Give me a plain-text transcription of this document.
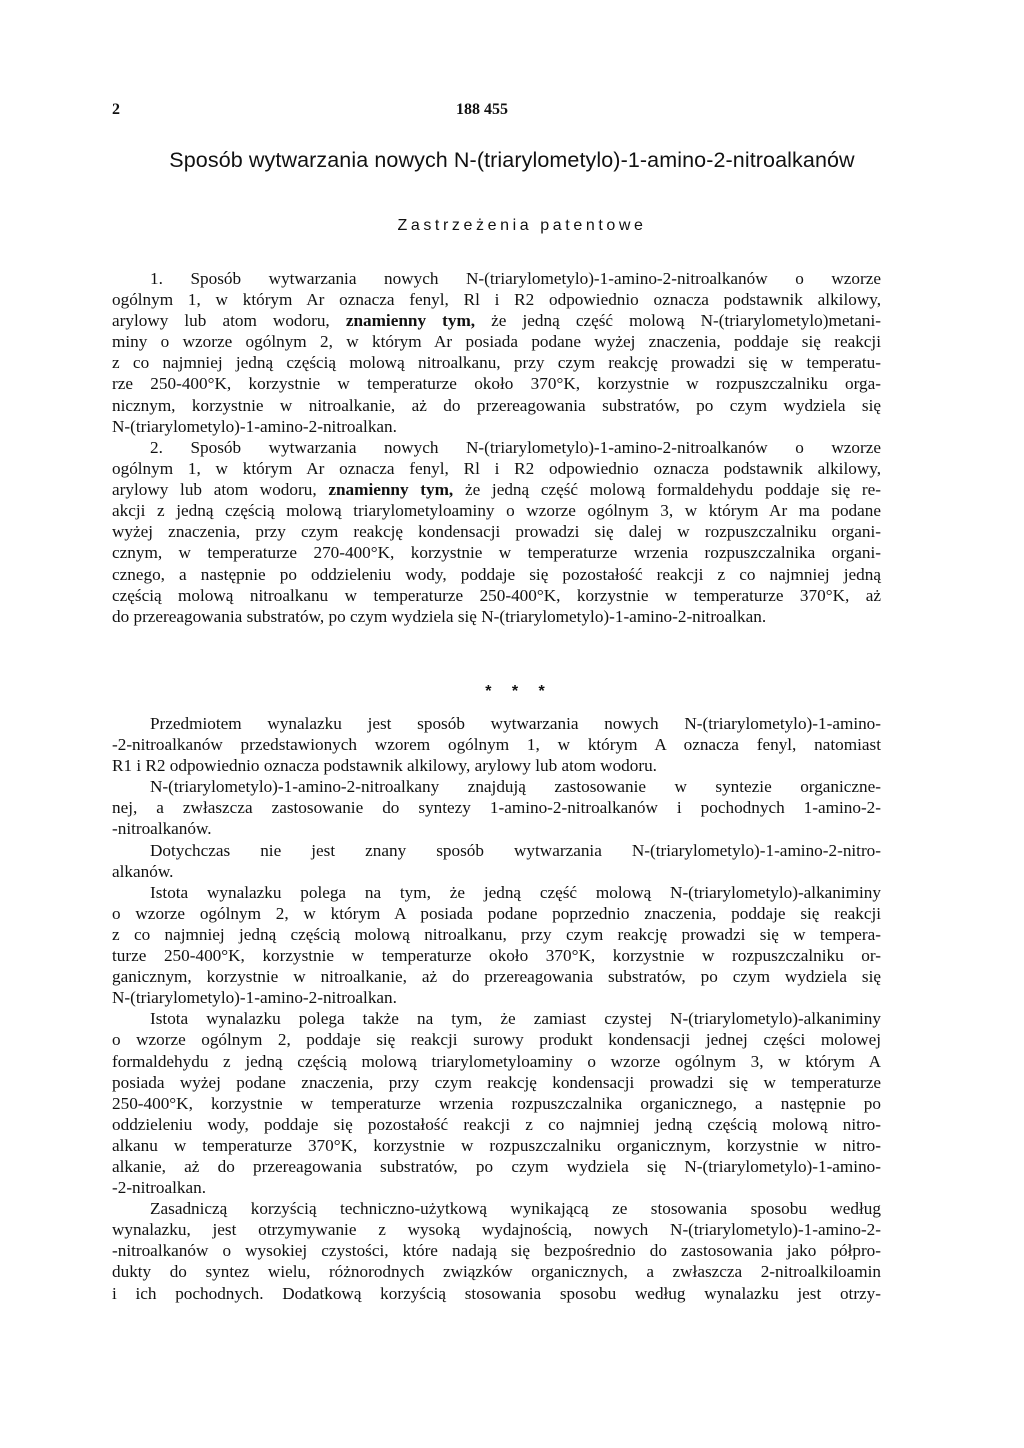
2	188 455
Sposób wytwarzania nowych N-(triarylometylo)-1-amino-2-nitroalkanów
Zastrzeżenia patentowe

1. Sposób wytwarzania nowych N-(triarylometylo)-1-amino-2-nitroalkanów o wzorze
ogólnym 1, w którym Ar oznacza fenyl, Rl i R2 odpowiednio oznacza podstawnik alkilowy,
arylowy lub atom wodoru, znamienny tym, że jedną część molową N-(triarylometylo)metani-
miny o wzorze ogólnym 2, w którym Ar posiada podane wyżej znaczenia, poddaje się reakcji
z co najmniej jedną częścią molową nitroalkanu, przy czym reakcję prowadzi się w temperatu-
rze 250-400°K, korzystnie w temperaturze około 370°K, korzystnie w rozpuszczalniku orga-
nicznym, korzystnie w nitroalkanie, aż do przereagowania substratów, po czym wydziela się
N-(triarylometylo)-1-amino-2-nitroalkan.

2. Sposób wytwarzania nowych N-(triarylometylo)-1-amino-2-nitroalkanów o wzorze
ogólnym 1, w którym Ar oznacza fenyl, Rl i R2 odpowiednio oznacza podstawnik alkilowy,
arylowy lub atom wodoru, znamienny tym, że jedną część molową formaldehydu poddaje się re-
akcji z jedną częścią molową triarylometyloaminy o wzorze ogólnym 3, w którym Ar ma podane
wyżej znaczenia, przy czym reakcję kondensacji prowadzi się dalej w rozpuszczalniku organi-
cznym, w temperaturze 270-400°K, korzystnie w temperaturze wrzenia rozpuszczalnika organi-
cznego, a następnie po oddzieleniu wody, poddaje się pozostałość reakcji z co najmniej jedną
częścią molową nitroalkanu w temperaturze 250-400°K, korzystnie w temperaturze 370°K, aż
do przereagowania substratów, po czym wydziela się N-(triarylometylo)-1-amino-2-nitroalkan.

* * *

Przedmiotem wynalazku jest sposób wytwarzania nowych N-(triarylometylo)-1-amino-
-2-nitroalkanów przedstawionych wzorem ogólnym 1, w którym A oznacza fenyl, natomiast
R1 i R2 odpowiednio oznacza podstawnik alkilowy, arylowy lub atom wodoru.

N-(triarylometylo)-1-amino-2-nitroalkany znajdują zastosowanie w syntezie organiczne-
nej, a zwłaszcza zastosowanie do syntezy 1-amino-2-nitroalkanów i pochodnych 1-amino-2-
-nitroalkanów.

Dotychczas nie jest znany sposób wytwarzania N-(triarylometylo)-1-amino-2-nitro-
alkanów.

Istota wynalazku polega na tym, że jedną część molową N-(triarylometylo)-alkaniminy
o wzorze ogólnym 2, w którym A posiada podane poprzednio znaczenia, poddaje się reakcji
z co najmniej jedną częścią molową nitroalkanu, przy czym reakcję prowadzi się w tempera-
turze 250-400°K, korzystnie w temperaturze około 370°K, korzystnie w rozpuszczalniku or-
ganicznym, korzystnie w nitroalkanie, aż do przereagowania substratów, po czym wydziela się
N-(triarylometylo)-1-amino-2-nitroalkan.

Istota wynalazku polega także na tym, że zamiast czystej N-(triarylometylo)-alkaniminy
o wzorze ogólnym 2, poddaje się reakcji surowy produkt kondensacji jednej części molowej
formaldehydu z jedną częścią molową triarylometyloaminy o wzorze ogólnym 3, w którym A
posiada wyżej podane znaczenia, przy czym reakcję kondensacji prowadzi się w temperaturze
250-400°K, korzystnie w temperaturze wrzenia rozpuszczalnika organicznego, a następnie po
oddzieleniu wody, poddaje się pozostałość reakcji z co najmniej jedną częścią molową nitro-
alkanu w temperaturze 370°K, korzystnie w rozpuszczalniku organicznym, korzystnie w nitro-
alkanie, aż do przereagowania substratów, po czym wydziela się N-(triarylometylo)-1-amino-
-2-nitroalkan.

Zasadniczą korzyścią techniczno-użytkową wynikającą ze stosowania sposobu według
wynalazku, jest otrzymywanie z wysoką wydajnością, nowych N-(triarylometylo)-1-amino-2-
-nitroalkanów o wysokiej czystości, które nadają się bezpośrednio do zastosowania jako półpro-
dukty do syntez wielu, różnorodnych związków organicznych, a zwłaszcza 2-nitroalkiloamin
i ich pochodnych. Dodatkową korzyścią stosowania sposobu według wynalazku jest otrzy-
